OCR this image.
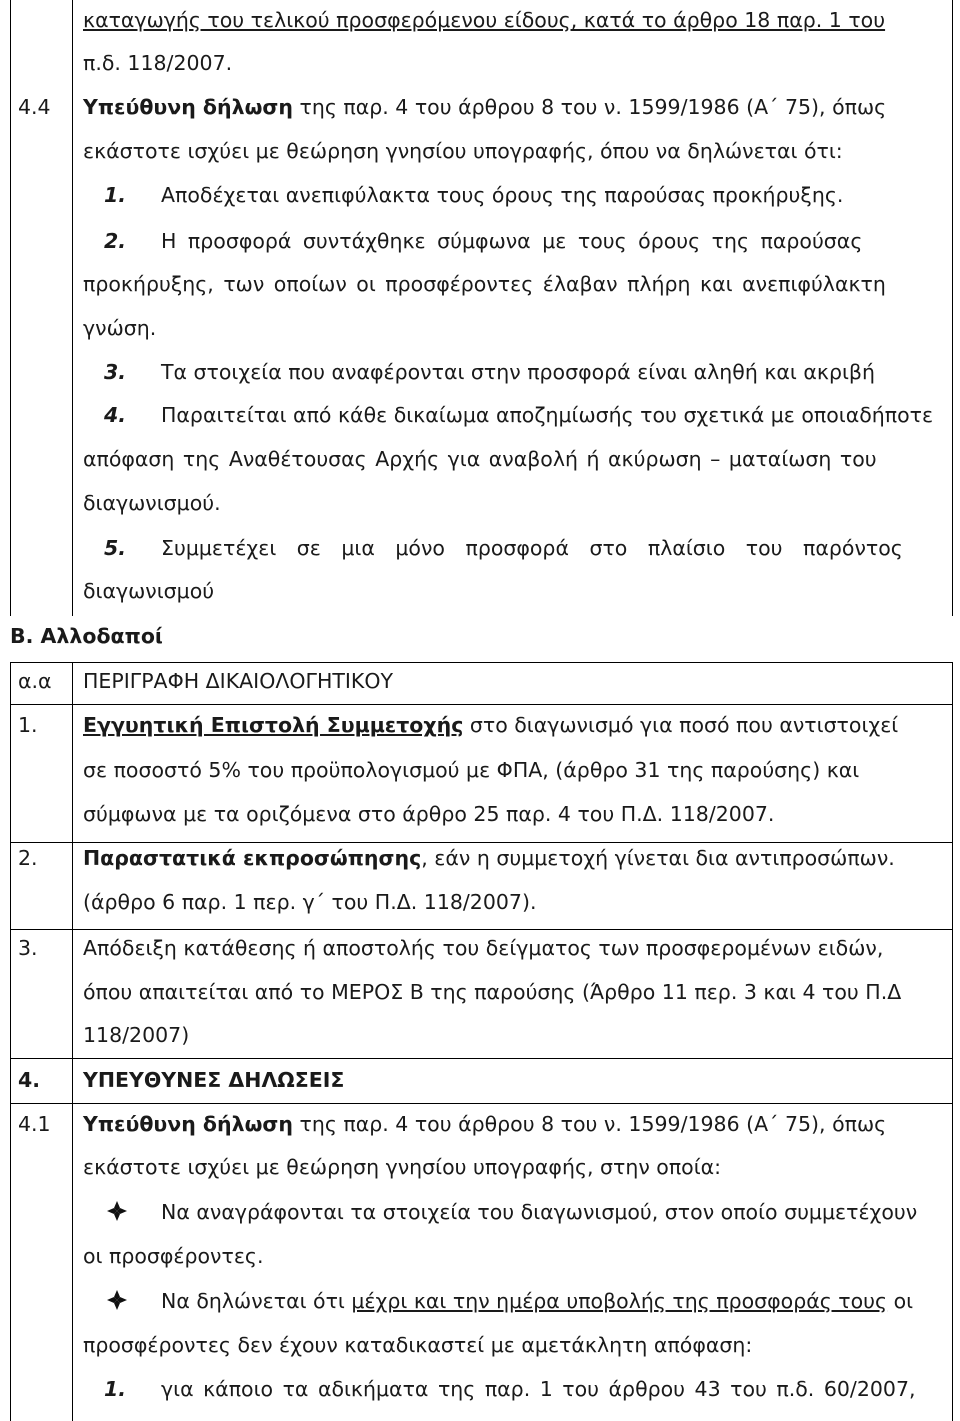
καταγωγής του τελικού προσφερόμενου είδους, κατά το άρθρο 18 παρ. 1 του
π.δ. 118/2007.
4.4 Υπεύθυνη δήλωση της παρ. 4 του άρθρου 8 του ν. 1599/1986 (Α΄ 75), όπως
εκάστοτε ισχύει με θεώρηση γνησίου υπογραφής, όπου να δηλώνεται ότι:
1. Αποδέχεται ανεπιφύλακτα τους όρους της παρούσας προκήρυξης.
2. Η προσφορά συντάχθηκε σύμφωνα με τους όρους της παρούσας
προκήρυξης, των οποίων οι προσφέροντες έλαβαν πλήρη και ανεπιφύλακτη
γνώση.
3. Τα στοιχεία που αναφέρονται στην προσφορά είναι αληθή και ακριβή
4. Παραιτείται από κάθε δικαίωμα αποζημίωσής του σχετικά με οποιαδήποτε
απόφαση της Αναθέτουσας Αρχής για αναβολή ή ακύρωση – ματαίωση του
διαγωνισμού.
5. Συμμετέχει σε μια μόνο προσφορά στο πλαίσιο του παρόντος
διαγωνισμού
Β. Αλλοδαποί
α.α ΠΕΡΙΓΡΑΦΗ ΔΙΚΑΙΟΛΟΓΗΤΙΚΟΥ
1. Εγγυητική Επιστολή Συμμετοχής στο διαγωνισμό για ποσό που αντιστοιχεί
σε ποσοστό 5% του προϋπολογισμού με ΦΠΑ, (άρθρο 31 της παρούσης) και
σύμφωνα με τα οριζόμενα στο άρθρο 25 παρ. 4 του Π.Δ. 118/2007.
2. Παραστατικά εκπροσώπησης, εάν η συμμετοχή γίνεται δια αντιπροσώπων.
(άρθρο 6 παρ. 1 περ. γ΄ του Π.Δ. 118/2007).
3. Απόδειξη κατάθεσης ή αποστολής του δείγματος των προσφερομένων ειδών,
όπου απαιτείται από το ΜΕΡΟΣ Β της παρούσης (Άρθρο 11 περ. 3 και 4 του Π.Δ
118/2007)
4. ΥΠΕΥΘΥΝΕΣ ΔΗΛΩΣΕΙΣ
4.1 Υπεύθυνη δήλωση της παρ. 4 του άρθρου 8 του ν. 1599/1986 (Α΄ 75), όπως
εκάστοτε ισχύει με θεώρηση γνησίου υπογραφής, στην οποία:
Να αναγράφονται τα στοιχεία του διαγωνισμού, στον οποίο συμμετέχουν
οι προσφέροντες.
Να δηλώνεται ότι μέχρι και την ημέρα υποβολής της προσφοράς τους οι
προσφέροντες δεν έχουν καταδικαστεί με αμετάκλητη απόφαση:
1. για κάποιο τα αδικήματα της παρ. 1 του άρθρου 43 του π.δ. 60/2007,
